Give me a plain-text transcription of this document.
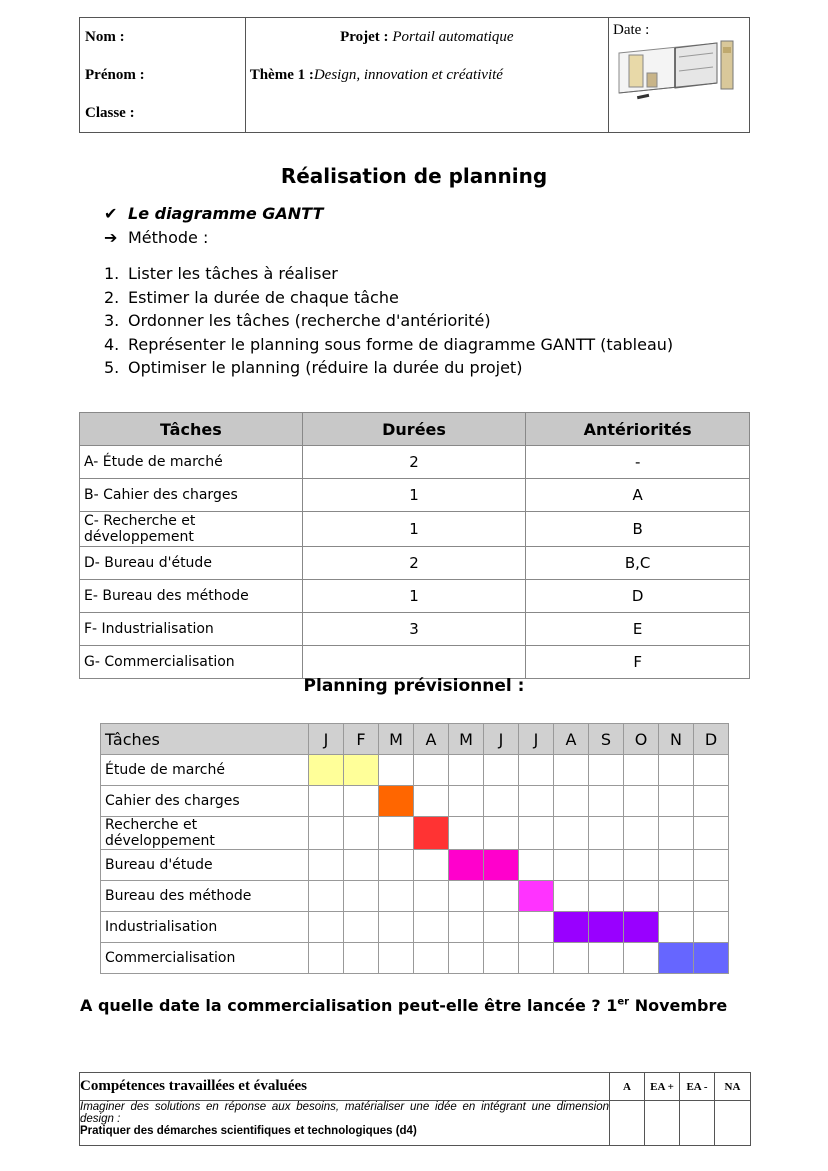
Nom :
Prénom :
Classe :

Projet :
Portail automatique
Thème 1 : Design, innovation et créativité

Date :
Réalisation de planning
✔ Le diagramme GANTT
➔ Méthode :
1. Lister les tâches à réaliser
2. Estimer la durée de chaque tâche
3. Ordonner les tâches (recherche d'antériorité)
4. Représenter le planning sous forme de diagramme GANTT (tableau)
5. Optimiser le planning (réduire la durée du projet)
Tâches	Durées	Antériorités
A- Étude de marché	2	-
B- Cahier des charges	1	A
C- Recherche et développement	1	B
D- Bureau d'étude	2	B,C
E- Bureau des méthode	1	D
F- Industrialisation	3	E
G- Commercialisation		F
Planning prévisionnel :
Tâches	J	F	M	A	M	J	J	A	S	O	N	D
Étude de marché												
Cahier des charges												
Recherche et développement												
Bureau d'étude												
Bureau des méthode												
Industrialisation												
Commercialisation												
A quelle date la commercialisation peut-elle être lancée ? 1er Novembre
Compétences travaillées et évaluées	A	EA +	EA -	NA

Imaginer des solutions en réponse aux besoins, matérialiser une idée en intégrant une dimension design :
Pratiquer des démarches scientifiques et technologiques (d4)				
